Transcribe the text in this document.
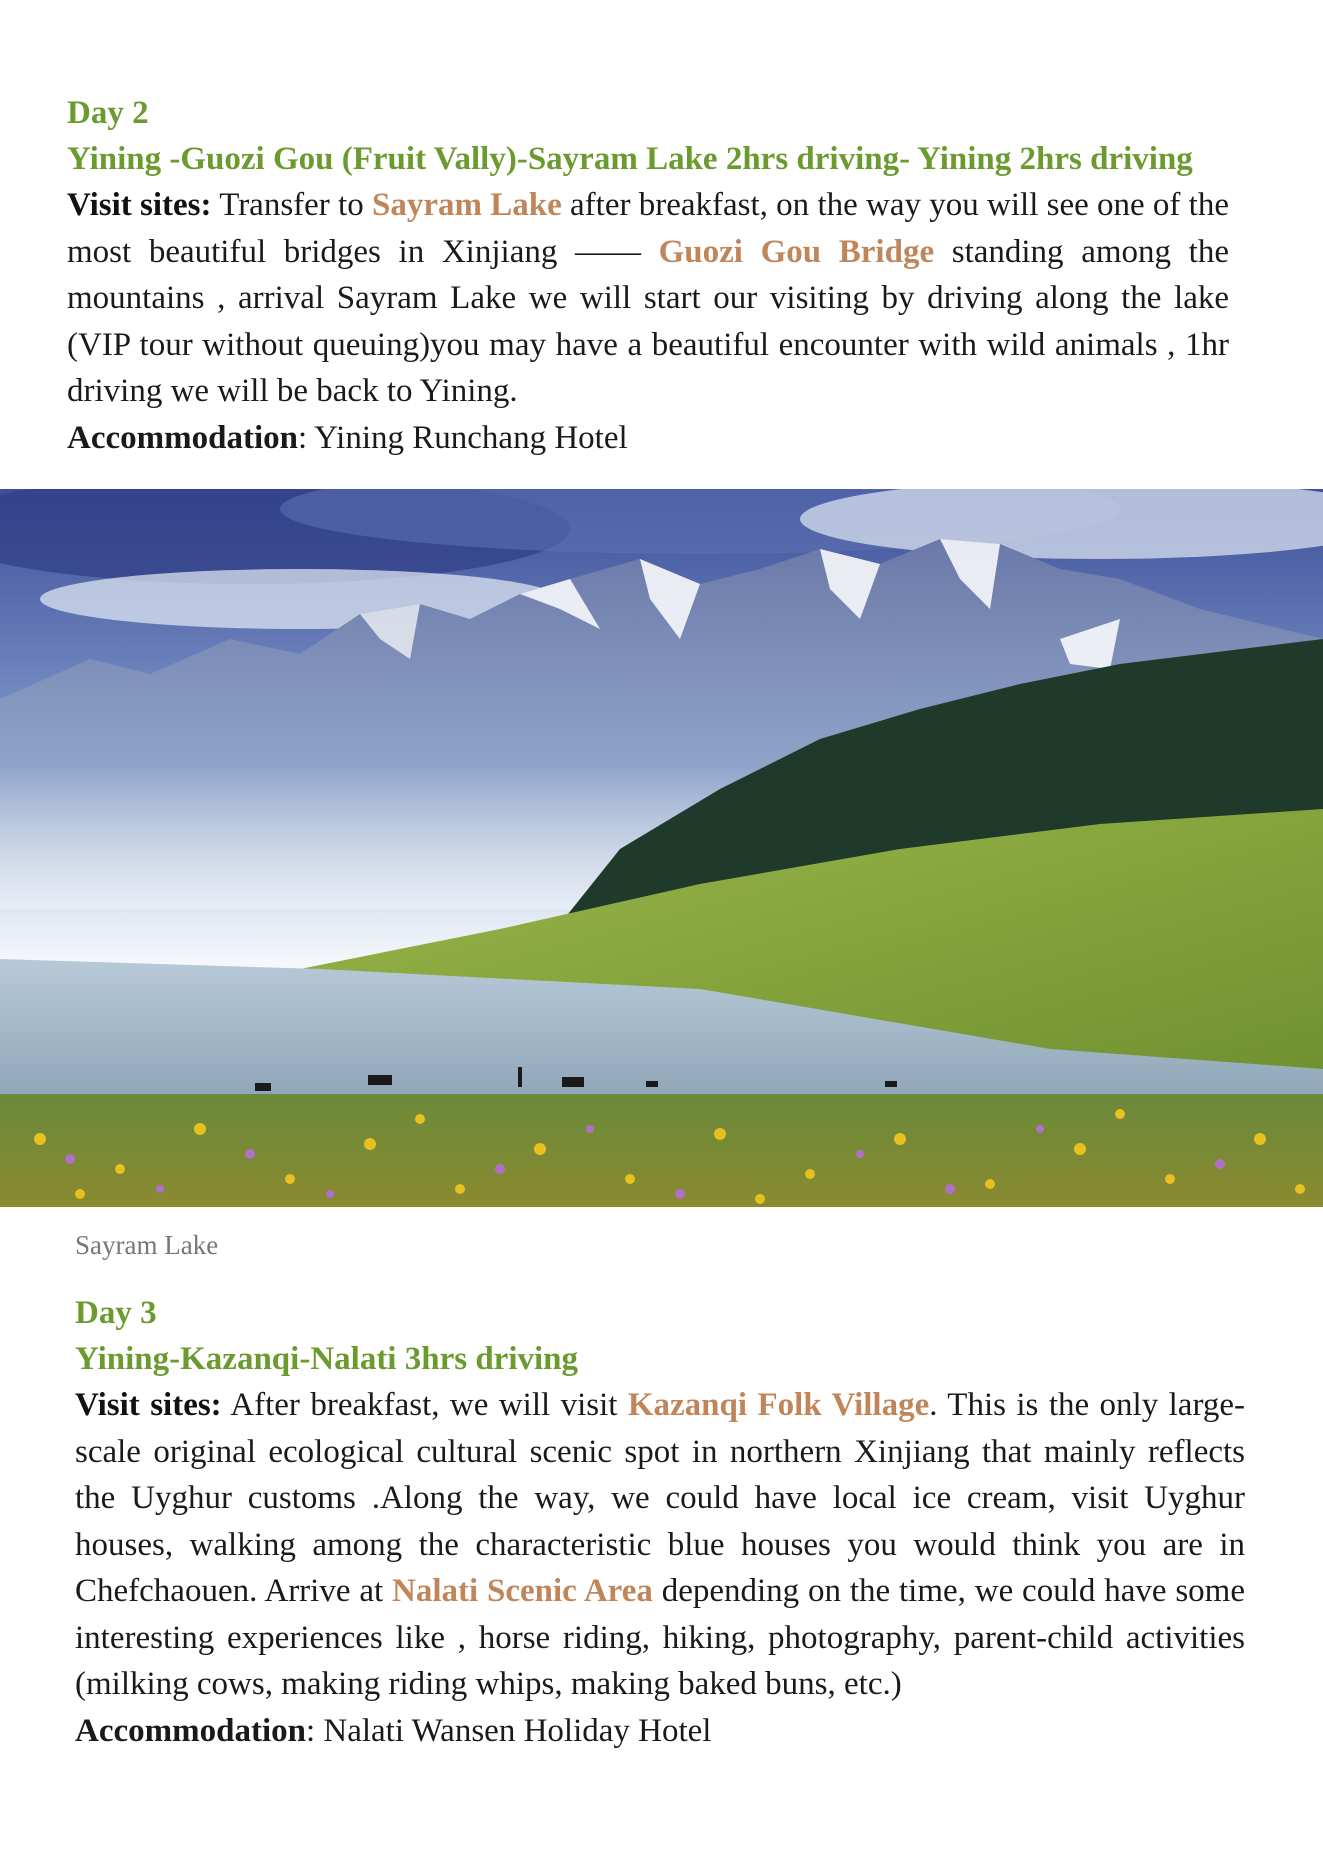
Day 2
Yining -Guozi Gou (Fruit Vally)-Sayram Lake 2hrs driving- Yining 2hrs driving
Visit sites: Transfer to Sayram Lake after breakfast, on the way you will see one of the most beautiful bridges in Xinjiang —— Guozi Gou Bridge standing among the mountains , arrival Sayram Lake we will start our visiting by driving along the lake (VIP tour without queuing)you may have a beautiful encounter with wild animals , 1hr driving we will be back to Yining.
Accommodation: Yining Runchang Hotel
Sayram Lake
Day 3
Yining-Kazanqi-Nalati 3hrs driving
Visit sites: After breakfast, we will visit Kazanqi Folk Village. This is the only large-scale original ecological cultural scenic spot in northern Xinjiang that mainly reflects the Uyghur customs .Along the way, we could have local ice cream, visit Uyghur houses, walking among the characteristic blue houses you would think you are in Chefchaouen. Arrive at Nalati Scenic Area depending on the time, we could have some interesting experiences like , horse riding, hiking, photography, parent-child activities (milking cows, making riding whips, making baked buns, etc.)
Accommodation: Nalati Wansen Holiday Hotel
